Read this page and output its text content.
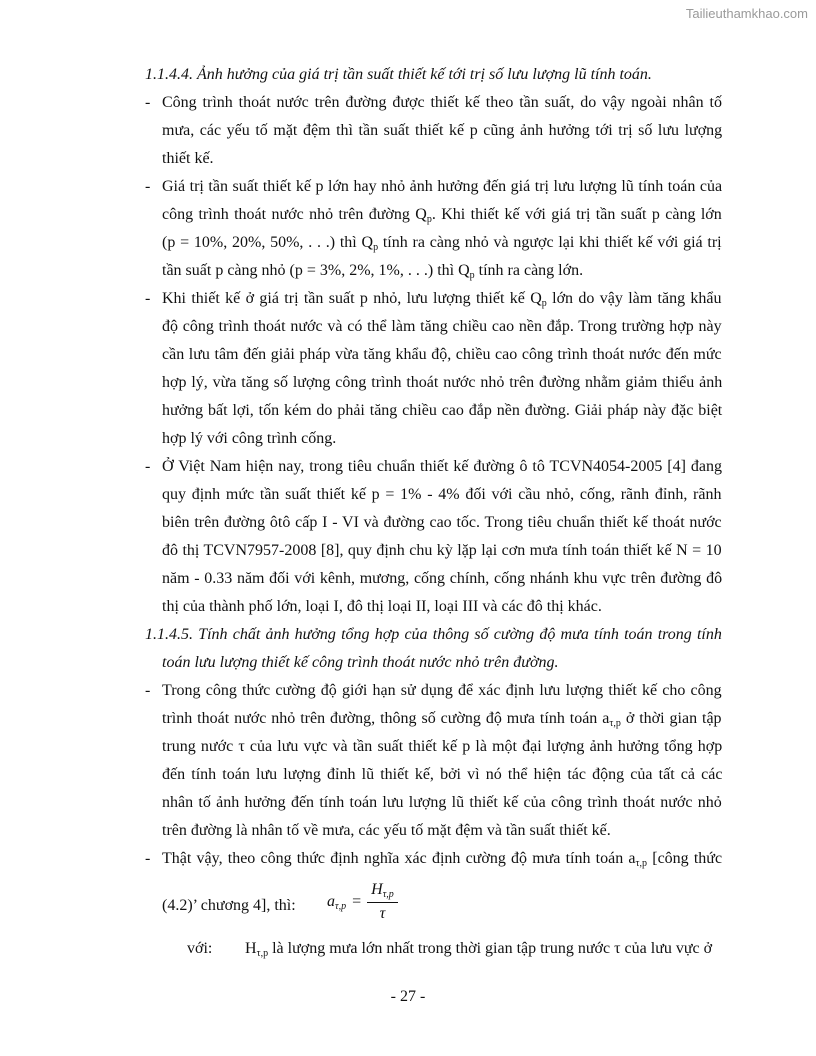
Tailieuthamkhao.com
1.1.4.4. Ảnh hưởng của giá trị tần suất thiết kế tới trị số lưu lượng lũ tính toán.
- Công trình thoát nước trên đường được thiết kế theo tần suất, do vậy ngoài nhân tố
mưa, các yếu tố mặt đệm thì tần suất thiết kế p cũng ảnh hưởng tới trị số lưu lượng
thiết kế.
- Giá trị tần suất thiết kế p lớn hay nhỏ ảnh hưởng đến giá trị lưu lượng lũ tính toán của
công trình thoát nước nhỏ trên đường $Q_p$. Khi thiết kế với giá trị tần suất p càng lớn
(p = 10%, 20%, 50%, . . .) thì $Q_p$ tính ra càng nhỏ và ngược lại khi thiết kế với giá trị
tần suất p càng nhỏ (p = 3%, 2%, 1%, . . .) thì $Q_p$ tính ra càng lớn.
- Khi thiết kế ở giá trị tần suất p nhỏ, lưu lượng thiết kế $Q_p$ lớn do vậy làm tăng khẩu
độ công trình thoát nước và có thể làm tăng chiều cao nền đắp. Trong trường hợp này
cần lưu tâm đến giải pháp vừa tăng khẩu độ, chiều cao công trình thoát nước đến mức
hợp lý, vừa tăng số lượng công trình thoát nước nhỏ trên đường nhằm giảm thiểu ảnh
hưởng bất lợi, tốn kém do phải tăng chiều cao đắp nền đường. Giải pháp này đặc biệt
hợp lý với công trình cống.
- Ở Việt Nam hiện nay, trong tiêu chuẩn thiết kế đường ô tô TCVN4054-2005 [4] đang
quy định mức tần suất thiết kế p = 1% - 4% đối với cầu nhỏ, cống, rãnh đỉnh, rãnh
biên trên đường ôtô cấp I - VI và đường cao tốc. Trong tiêu chuẩn thiết kế thoát nước
đô thị TCVN7957-2008 [8], quy định chu kỳ lặp lại cơn mưa tính toán thiết kế N = 10
năm - 0.33 năm đối với kênh, mương, cống chính, cống nhánh khu vực trên đường đô
thị của thành phố lớn, loại I, đô thị loại II, loại III và các đô thị khác.
1.1.4.5. Tính chất ảnh hưởng tổng hợp của thông số cường độ mưa tính toán trong tính
toán lưu lượng thiết kế công trình thoát nước nhỏ trên đường.
- Trong công thức cường độ giới hạn sử dụng để xác định lưu lượng thiết kế cho công
trình thoát nước nhỏ trên đường, thông số cường độ mưa tính toán $a_{\tau,p}$ ở thời gian tập
trung nước τ của lưu vực và tần suất thiết kế p là một đại lượng ảnh hưởng tổng hợp
đến tính toán lưu lượng đỉnh lũ thiết kế, bởi vì nó thể hiện tác động của tất cả các
nhân tố ảnh hưởng đến tính toán lưu lượng lũ thiết kế của công trình thoát nước nhỏ
trên đường là nhân tố về mưa, các yếu tố mặt đệm và tần suất thiết kế.
- Thật vậy, theo công thức định nghĩa xác định cường độ mưa tính toán $a_{\tau,p}$ [công thức
(4.2)’ chương 4], thì: $a_{\tau,p} = \frac{H_{\tau,p}}{\tau}$
với: $H_{\tau,p}$ là lượng mưa lớn nhất trong thời gian tập trung nước τ của lưu vực ở
- 27 -
